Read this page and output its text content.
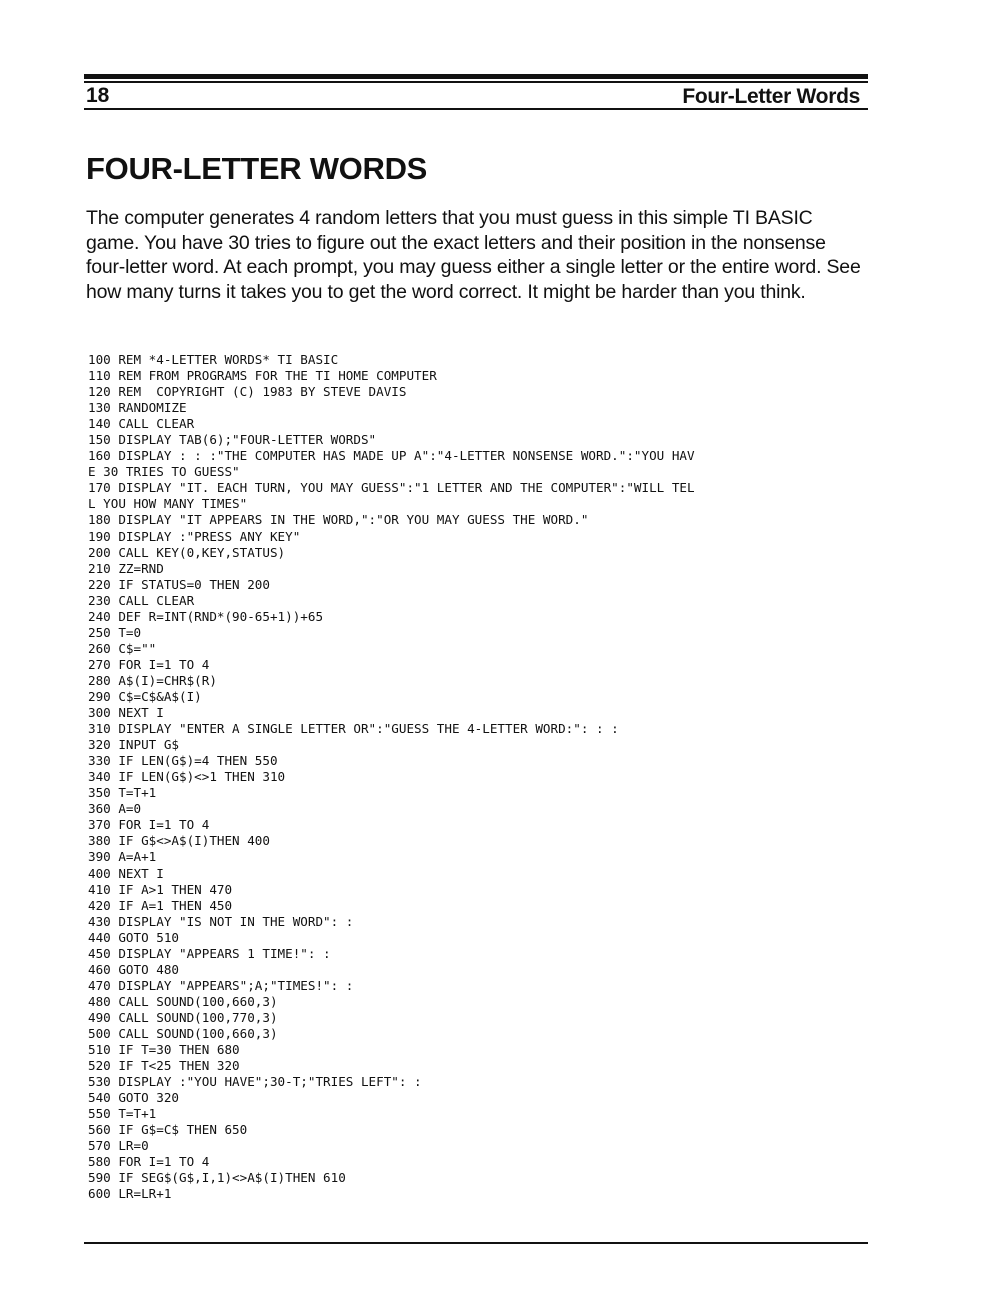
18	Four-Letter Words
FOUR-LETTER WORDS

The computer generates 4 random letters that you must guess in this simple TI BASIC game. You have 30 tries to figure out the exact letters and their position in the nonsense four-letter word. At each prompt, you may guess either a single letter or the entire word. See how many turns it takes you to get the word correct. It might be harder than you think.

100 REM *4-LETTER WORDS* TI BASIC
110 REM FROM PROGRAMS FOR THE TI HOME COMPUTER
120 REM  COPYRIGHT (C) 1983 BY STEVE DAVIS
130 RANDOMIZE
140 CALL CLEAR
150 DISPLAY TAB(6);"FOUR-LETTER WORDS"
160 DISPLAY : : :"THE COMPUTER HAS MADE UP A":"4-LETTER NONSENSE WORD.":"YOU HAV
E 30 TRIES TO GUESS"
170 DISPLAY "IT. EACH TURN, YOU MAY GUESS":"1 LETTER AND THE COMPUTER":"WILL TEL
L YOU HOW MANY TIMES"
180 DISPLAY "IT APPEARS IN THE WORD,":"OR YOU MAY GUESS THE WORD."
190 DISPLAY :"PRESS ANY KEY"
200 CALL KEY(0,KEY,STATUS)
210 ZZ=RND
220 IF STATUS=0 THEN 200
230 CALL CLEAR
240 DEF R=INT(RND*(90-65+1))+65
250 T=0
260 C$=""
270 FOR I=1 TO 4
280 A$(I)=CHR$(R)
290 C$=C$&A$(I)
300 NEXT I
310 DISPLAY "ENTER A SINGLE LETTER OR":"GUESS THE 4-LETTER WORD:": : :
320 INPUT G$
330 IF LEN(G$)=4 THEN 550
340 IF LEN(G$)<>1 THEN 310
350 T=T+1
360 A=0
370 FOR I=1 TO 4
380 IF G$<>A$(I)THEN 400
390 A=A+1
400 NEXT I
410 IF A>1 THEN 470
420 IF A=1 THEN 450
430 DISPLAY "IS NOT IN THE WORD": :
440 GOTO 510
450 DISPLAY "APPEARS 1 TIME!": :
460 GOTO 480
470 DISPLAY "APPEARS";A;"TIMES!": :
480 CALL SOUND(100,660,3)
490 CALL SOUND(100,770,3)
500 CALL SOUND(100,660,3)
510 IF T=30 THEN 680
520 IF T<25 THEN 320
530 DISPLAY :"YOU HAVE";30-T;"TRIES LEFT": :
540 GOTO 320
550 T=T+1
560 IF G$=C$ THEN 650
570 LR=0
580 FOR I=1 TO 4
590 IF SEG$(G$,I,1)<>A$(I)THEN 610
600 LR=LR+1
